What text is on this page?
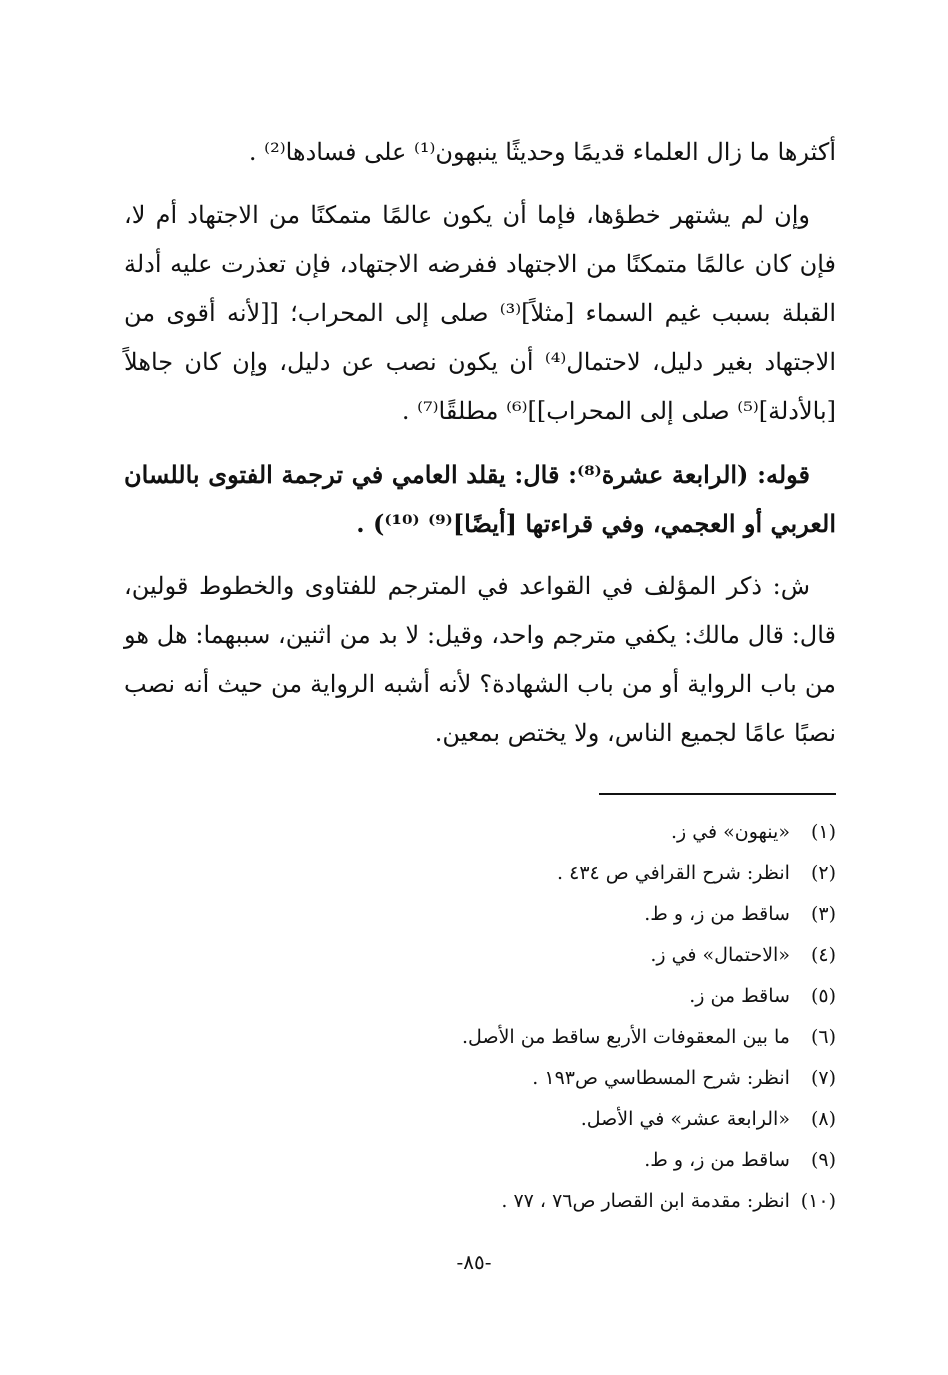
أكثرها ما زال العلماء قديمًا وحديثًا ينبهون⁽¹⁾ على فسادها⁽²⁾ .

وإن لم يشتهر خطؤها، فإما أن يكون عالمًا متمكنًا من الاجتهاد أم لا، فإن كان عالمًا متمكنًا من الاجتهاد ففرضه الاجتهاد، فإن تعذرت عليه أدلة القبلة بسبب غيم السماء [مثلاً]⁽³⁾ صلى إلى المحراب؛ [[لأنه أقوى من الاجتهاد بغير دليل، لاحتمال⁽⁴⁾ أن يكون نصب عن دليل، وإن كان جاهلاً [بالأدلة]⁽⁵⁾ صلى إلى المحراب]]⁽⁶⁾ مطلقًا⁽⁷⁾ .

قوله: (الرابعة عشرة⁽⁸⁾: قال: يقلد العامي في ترجمة الفتوى باللسان العربي أو العجمي، وفي قراءتها [أيضًا]⁽⁹⁾ ⁽¹⁰⁾) .

ش: ذكر المؤلف في القواعد في المترجم للفتاوى والخطوط قولين، قال: قال مالك: يكفي مترجم واحد، وقيل: لا بد من اثنين، سببهما: هل هو من باب الرواية أو من باب الشهادة؟ لأنه أشبه الرواية من حيث أنه نصب نصبًا عامًا لجميع الناس، ولا يختص بمعين.

(١) «ينهون» في ز.
(٢) انظر: شرح القرافي ص ٤٣٤ .
(٣) ساقط من ز، و ط.
(٤) «الاحتمال» في ز.
(٥) ساقط من ز.
(٦) ما بين المعقوفات الأربع ساقط من الأصل.
(٧) انظر: شرح المسطاسي ص١٩٣ .
(٨) «الرابعة عشر» في الأصل.
(٩) ساقط من ز، و ط.
(١٠) انظر: مقدمة ابن القصار ص٧٦ ، ٧٧ .
-٨٥-
